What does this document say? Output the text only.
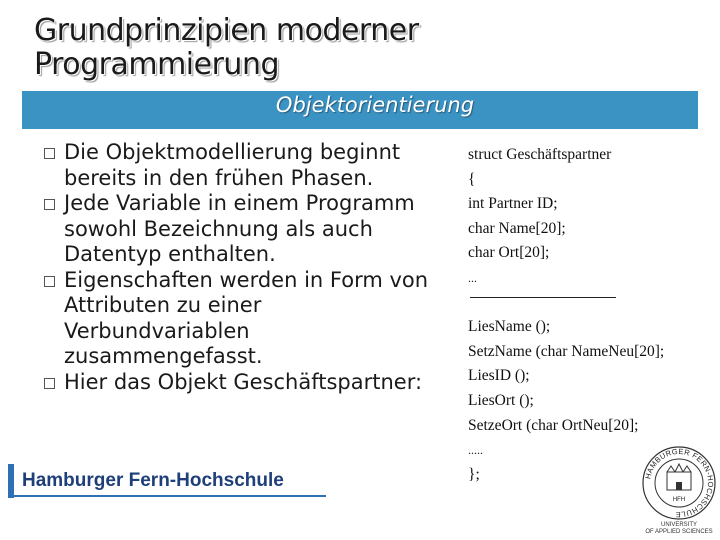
Grundprinzipien moderner
Programmierung
Objektorientierung
Die Objektmodellierung beginnt
bereits in den frühen Phasen.
Jede Variable in einem Programm
sowohl Bezeichnung als auch
Datentyp enthalten.
Eigenschaften werden in Form von
Attributen zu einer
Verbundvariablen
zusammengefasst.
Hier das Objekt Geschäftspartner:
struct Geschäftspartner
{
int Partner ID;
char Name[20];
char Ort[20];
...

LiesName ();
SetzName (char NameNeu[20];
LiesID ();
LiesOrt ();
SetzeOrt (char OrtNeu[20];
.....
};
Hamburger Fern-Hochschule	HAMBURGER FERN-HOCHSCHULE
HFH
UNIVERSITY
OF APPLIED SCIENCES
